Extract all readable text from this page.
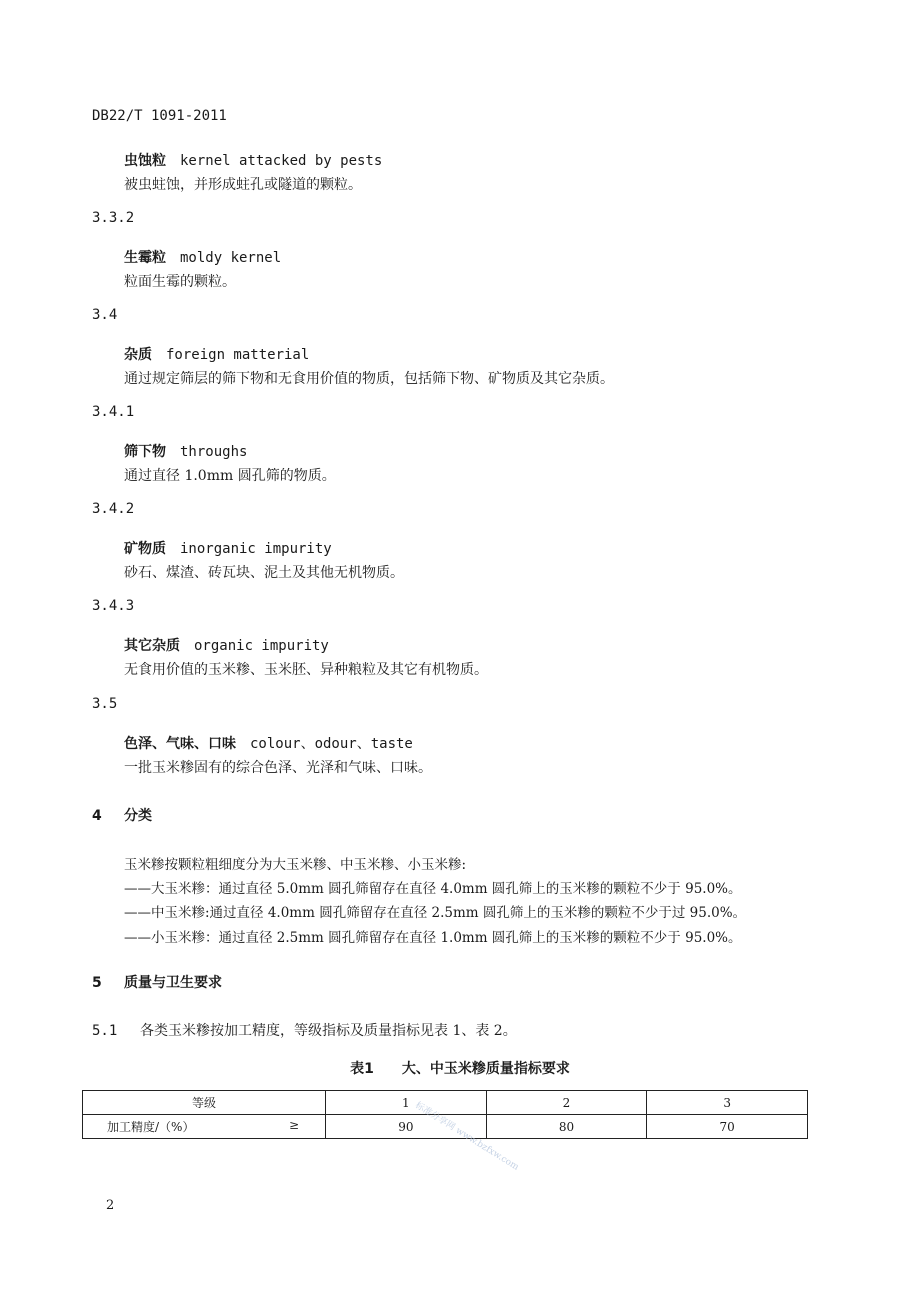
DB22/T 1091-2011
虫蚀粒 kernel attacked by pests
被虫蛀蚀，并形成蛀孔或隧道的颗粒。
3.3.2
生霉粒 moldy kernel
粒面生霉的颗粒。
3.4
杂质 foreign matterial
通过规定筛层的筛下物和无食用价值的物质，包括筛下物、矿物质及其它杂质。
3.4.1
筛下物 throughs
通过直径 1.0mm 圆孔筛的物质。
3.4.2
矿物质 inorganic impurity
砂石、煤渣、砖瓦块、泥土及其他无机物质。
3.4.3
其它杂质 organic impurity
无食用价值的玉米糁、玉米胚、异种粮粒及其它有机物质。
3.5
色泽、气味、口味 colour、odour、taste
一批玉米糁固有的综合色泽、光泽和气味、口味。
4 分类
玉米糁按颗粒粗细度分为大玉米糁、中玉米糁、小玉米糁:
——大玉米糁：通过直径 5.0mm 圆孔筛留存在直径 4.0mm 圆孔筛上的玉米糁的颗粒不少于 95.0%。
——中玉米糁:通过直径 4.0mm 圆孔筛留存在直径 2.5mm 圆孔筛上的玉米糁的颗粒不少于过 95.0%。
——小玉米糁：通过直径 2.5mm 圆孔筛留存在直径 1.0mm 圆孔筛上的玉米糁的颗粒不少于 95.0%。
5 质量与卫生要求
5.1 各类玉米糁按加工精度，等级指标及质量指标见表 1、表 2。
表1 大、中玉米糁质量指标要求
等级	1	2	3
加工精度/（%） ≥	90	80	70
标准分享网 www.bzfxw.com
2
